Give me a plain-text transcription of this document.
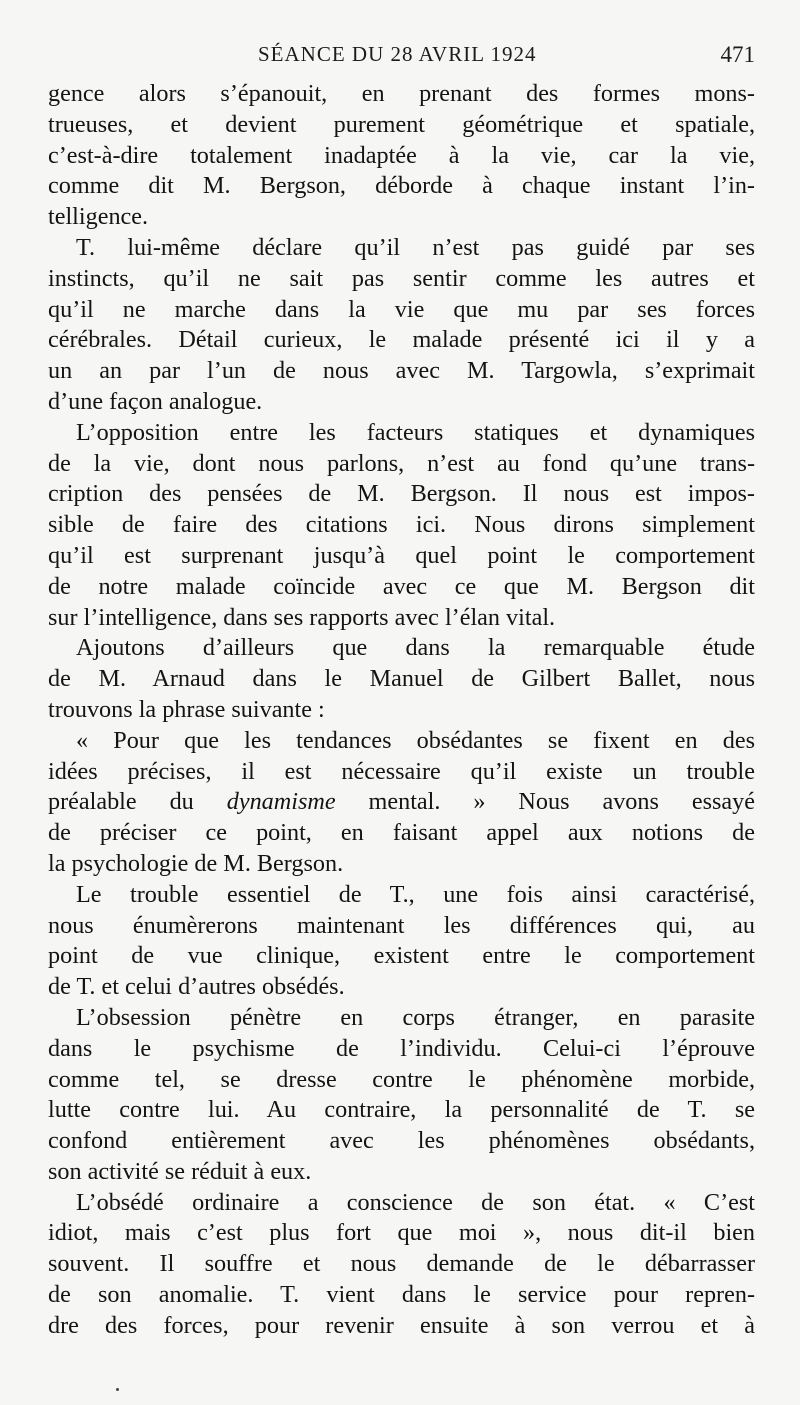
SÉANCE DU 28 AVRIL 1924	471
gence alors s’épanouit, en prenant des formes mons-
trueuses, et devient purement géométrique et spatiale,
c’est-à-dire totalement inadaptée à la vie, car la vie,
comme dit M. Bergson, déborde à chaque instant l’in-
telligence.
T. lui-même déclare qu’il n’est pas guidé par ses
instincts, qu’il ne sait pas sentir comme les autres et
qu’il ne marche dans la vie que mu par ses forces
cérébrales. Détail curieux, le malade présenté ici il y a
un an par l’un de nous avec M. Targowla, s’exprimait
d’une façon analogue.
L’opposition entre les facteurs statiques et dynamiques
de la vie, dont nous parlons, n’est au fond qu’une trans-
cription des pensées de M. Bergson. Il nous est impos-
sible de faire des citations ici. Nous dirons simplement
qu’il est surprenant jusqu’à quel point le comportement
de notre malade coïncide avec ce que M. Bergson dit
sur l’intelligence, dans ses rapports avec l’élan vital.
Ajoutons d’ailleurs que dans la remarquable étude
de M. Arnaud dans le Manuel de Gilbert Ballet, nous
trouvons la phrase suivante :
« Pour que les tendances obsédantes se fixent en des
idées précises, il est nécessaire qu’il existe un trouble
préalable du dynamisme mental. » Nous avons essayé
de préciser ce point, en faisant appel aux notions de
la psychologie de M. Bergson.
Le trouble essentiel de T., une fois ainsi caractérisé,
nous énumèrerons maintenant les différences qui, au
point de vue clinique, existent entre le comportement
de T. et celui d’autres obsédés.
L’obsession pénètre en corps étranger, en parasite
dans le psychisme de l’individu. Celui-ci l’éprouve
comme tel, se dresse contre le phénomène morbide,
lutte contre lui. Au contraire, la personnalité de T. se
confond entièrement avec les phénomènes obsédants,
son activité se réduit à eux.
L’obsédé ordinaire a conscience de son état. « C’est
idiot, mais c’est plus fort que moi », nous dit-il bien
souvent. Il souffre et nous demande de le débarrasser
de son anomalie. T. vient dans le service pour repren-
dre des forces, pour revenir ensuite à son verrou et à
